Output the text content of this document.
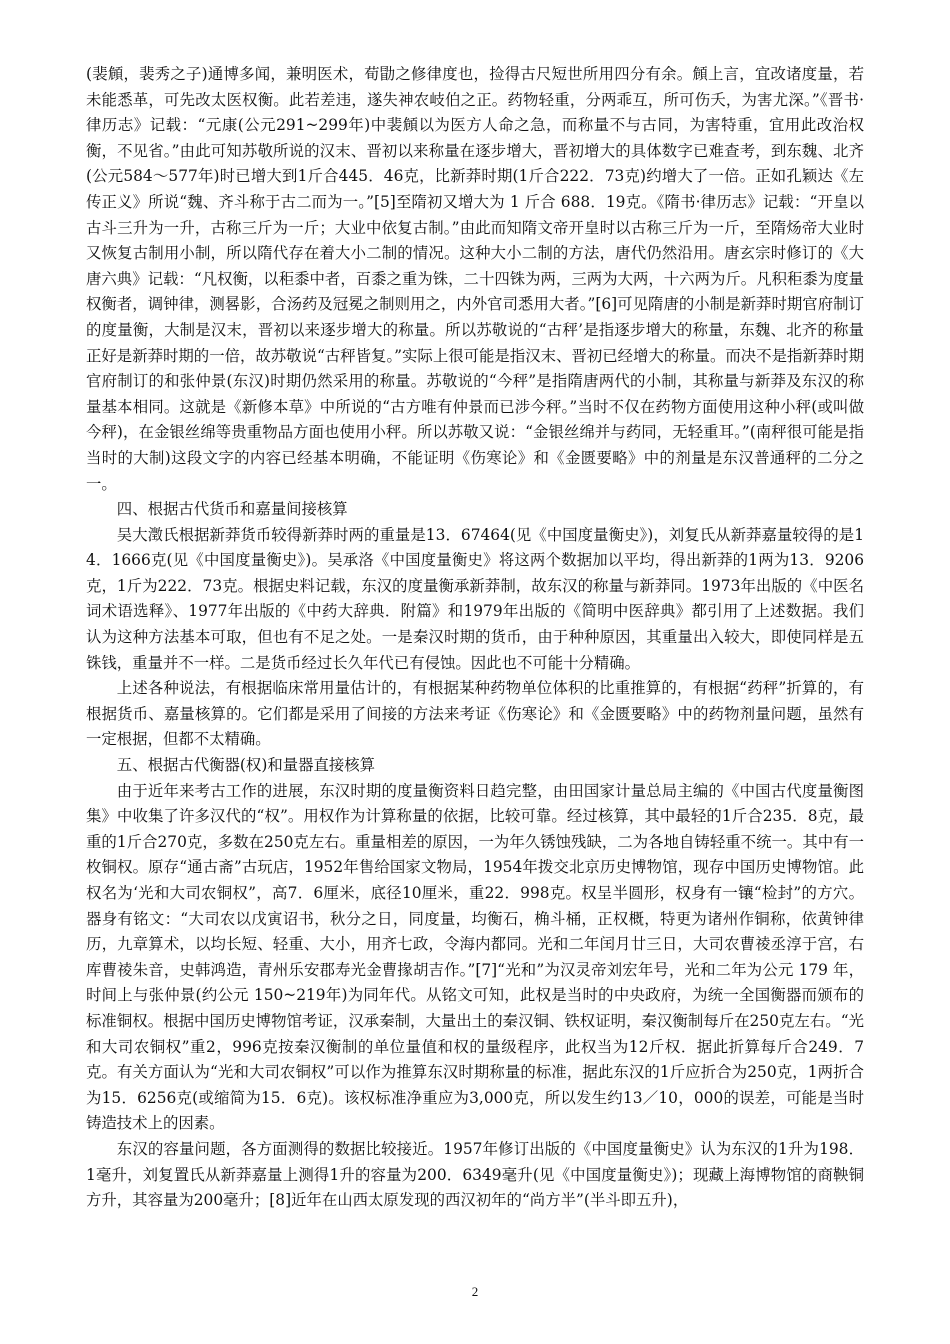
(裴頠，裴秀之子)通博多闻，兼明医术，荀勖之修律度也，捡得古尺短世所用四分有余。頠上言，宜改诸度量，若未能悉革，可先改太医权衡。此若差违，遂失神农岐伯之正。药物轻重，分两乖互，所可伤夭，为害尤深。”《晋书·律历志》记载：“元康(公元291~299年)中裴頠以为医方人命之急，而称量不与古同，为害特重，宜用此改治权衡，不见省。”由此可知苏敬所说的汉末、晋初以来称量在逐步增大，晋初增大的具体数字已难查考，到东魏、北齐(公元584～577年)时已增大到1斤合445．46克，比新莽时期(1斤合222．73克)约增大了一倍。正如孔颖达《左传正义》所说“魏、齐斗称于古二而为一。”[5]至隋初又增大为 1 斤合 688．19克。《隋书·律历志》记载：“开皇以古斗三升为一升，古称三斤为一斤；大业中依复古制。”由此而知隋文帝开皇时以古称三斤为一斤，至隋炀帝大业时又恢复古制用小制，所以隋代存在着大小二制的情况。这种大小二制的方法，唐代仍然沿用。唐玄宗时修订的《大唐六典》记载：“凡权衡，以秬黍中者，百黍之重为铢，二十四铢为两，三两为大两，十六两为斤。凡积秬黍为度量权衡者，调钟律，测晷影，合汤药及冠冕之制则用之，内外官司悉用大者。”[6]可见隋唐的小制是新莽时期官府制订的度量衡，大制是汉末，晋初以来逐步增大的称量。所以苏敬说的“古秤’是指逐步增大的称量，东魏、北齐的称量正好是新莽时期的一倍，故苏敬说“古秤皆复。”实际上很可能是指汉末、晋初已经增大的称量。而决不是指新莽时期官府制订的和张仲景(东汉)时期仍然采用的称量。苏敬说的“今秤”是指隋唐两代的小制，其称量与新莽及东汉的称量基本相同。这就是《新修本草》中所说的“古方唯有仲景而已涉今秤。”当时不仅在药物方面使用这种小秤(或叫做今秤)，在金银丝绵等贵重物品方面也使用小秤。所以苏敬又说：“金银丝绵并与药同，无轻重耳。”(南秤很可能是指当时的大制)这段文字的内容已经基本明确，不能证明《伤寒论》和《金匮要略》中的剂量是东汉普通秤的二分之一。

四、根据古代货币和嘉量间接核算

吴大澂氏根据新莽货币较得新莽时两的重量是13．67464(见《中国度量衡史》)，刘复氏从新莽嘉量较得的是14．1666克(见《中国度量衡史》)。吴承洛《中国度量衡史》将这两个数据加以平均，得出新莽的1两为13．9206克，1斤为222．73克。根据史料记载，东汉的度量衡承新莽制，故东汉的称量与新莽同。1973年出版的《中医名词术语选释》、1977年出版的《中药大辞典．附篇》和1979年出版的《简明中医辞典》都引用了上述数据。我们认为这种方法基本可取，但也有不足之处。一是秦汉时期的货币，由于种种原因，其重量出入较大，即使同样是五铢钱，重量并不一样。二是货币经过长久年代已有侵蚀。因此也不可能十分精确。

上述各种说法，有根据临床常用量估计的，有根据某种药物单位体积的比重推算的，有根据“药秤”折算的，有根据货币、嘉量核算的。它们都是采用了间接的方法来考证《伤寒论》和《金匮要略》中的药物剂量问题，虽然有一定根据，但都不太精确。

五、根据古代衡器(权)和量器直接核算

由于近年来考古工作的进展，东汉时期的度量衡资料日趋完整，由田国家计量总局主编的《中国古代度量衡图集》中收集了许多汉代的“权”。用权作为计算称量的依据，比较可靠。经过核算，其中最轻的1斤合235．8克，最重的1斤合270克，多数在250克左右。重量相差的原因，一为年久锈蚀残缺，二为各地自铸轻重不统一。其中有一枚铜权。原存“通古斋”古玩店，1952年售给国家文物局，1954年拨交北京历史博物馆，现存中国历史博物馆。此权名为‘光和大司农铜权”，高7．6厘米，底径10厘米，重22．998克。权呈半圆形，权身有一镶“检封”的方穴。器身有铭文：“大司农以戊寅诏书，秋分之日，同度量，均衡石，桷斗桶，正权概，特更为诸州作铜称，依黄钟律历，九章算术，以均长短、轻重、大小，用齐七政，令海内都同。光和二年闰月廿三日，大司农曹祾丞淳于宫，右库曹祾朱音，史韩鸿造，青州乐安郡寿光金曹掾胡吉作。”[7]“光和”为汉灵帝刘宏年号，光和二年为公元 179 年，时间上与张仲景(约公元 150~219年)为同年代。从铭文可知，此权是当时的中央政府，为统一全国衡器而颁布的标准铜权。根据中国历史博物馆考证，汉承秦制，大量出土的秦汉铜、铁权证明，秦汉衡制每斤在250克左右。“光和大司农铜权”重2，996克按秦汉衡制的单位量值和权的量级程序，此权当为12斤权．据此折算每斤合249．7克。有关方面认为“光和大司农铜权”可以作为推算东汉时期称量的标准，据此东汉的1斤应折合为250克，1两折合为15．6256克(或缩简为15．6克)。该权标准净重应为3,000克，所以发生约13／10，000的误差，可能是当时铸造技术上的因素。

东汉的容量问题，各方面测得的数据比较接近。1957年修订出版的《中国度量衡史》认为东汉的1升为198．1毫升，刘复置氏从新莽嘉量上测得1升的容量为200．6349毫升(见《中国度量衡史》)；现藏上海博物馆的商鞅铜方升，其容量为200毫升；[8]近年在山西太原发现的西汉初年的“尚方半”(半斗即五升)，

2
